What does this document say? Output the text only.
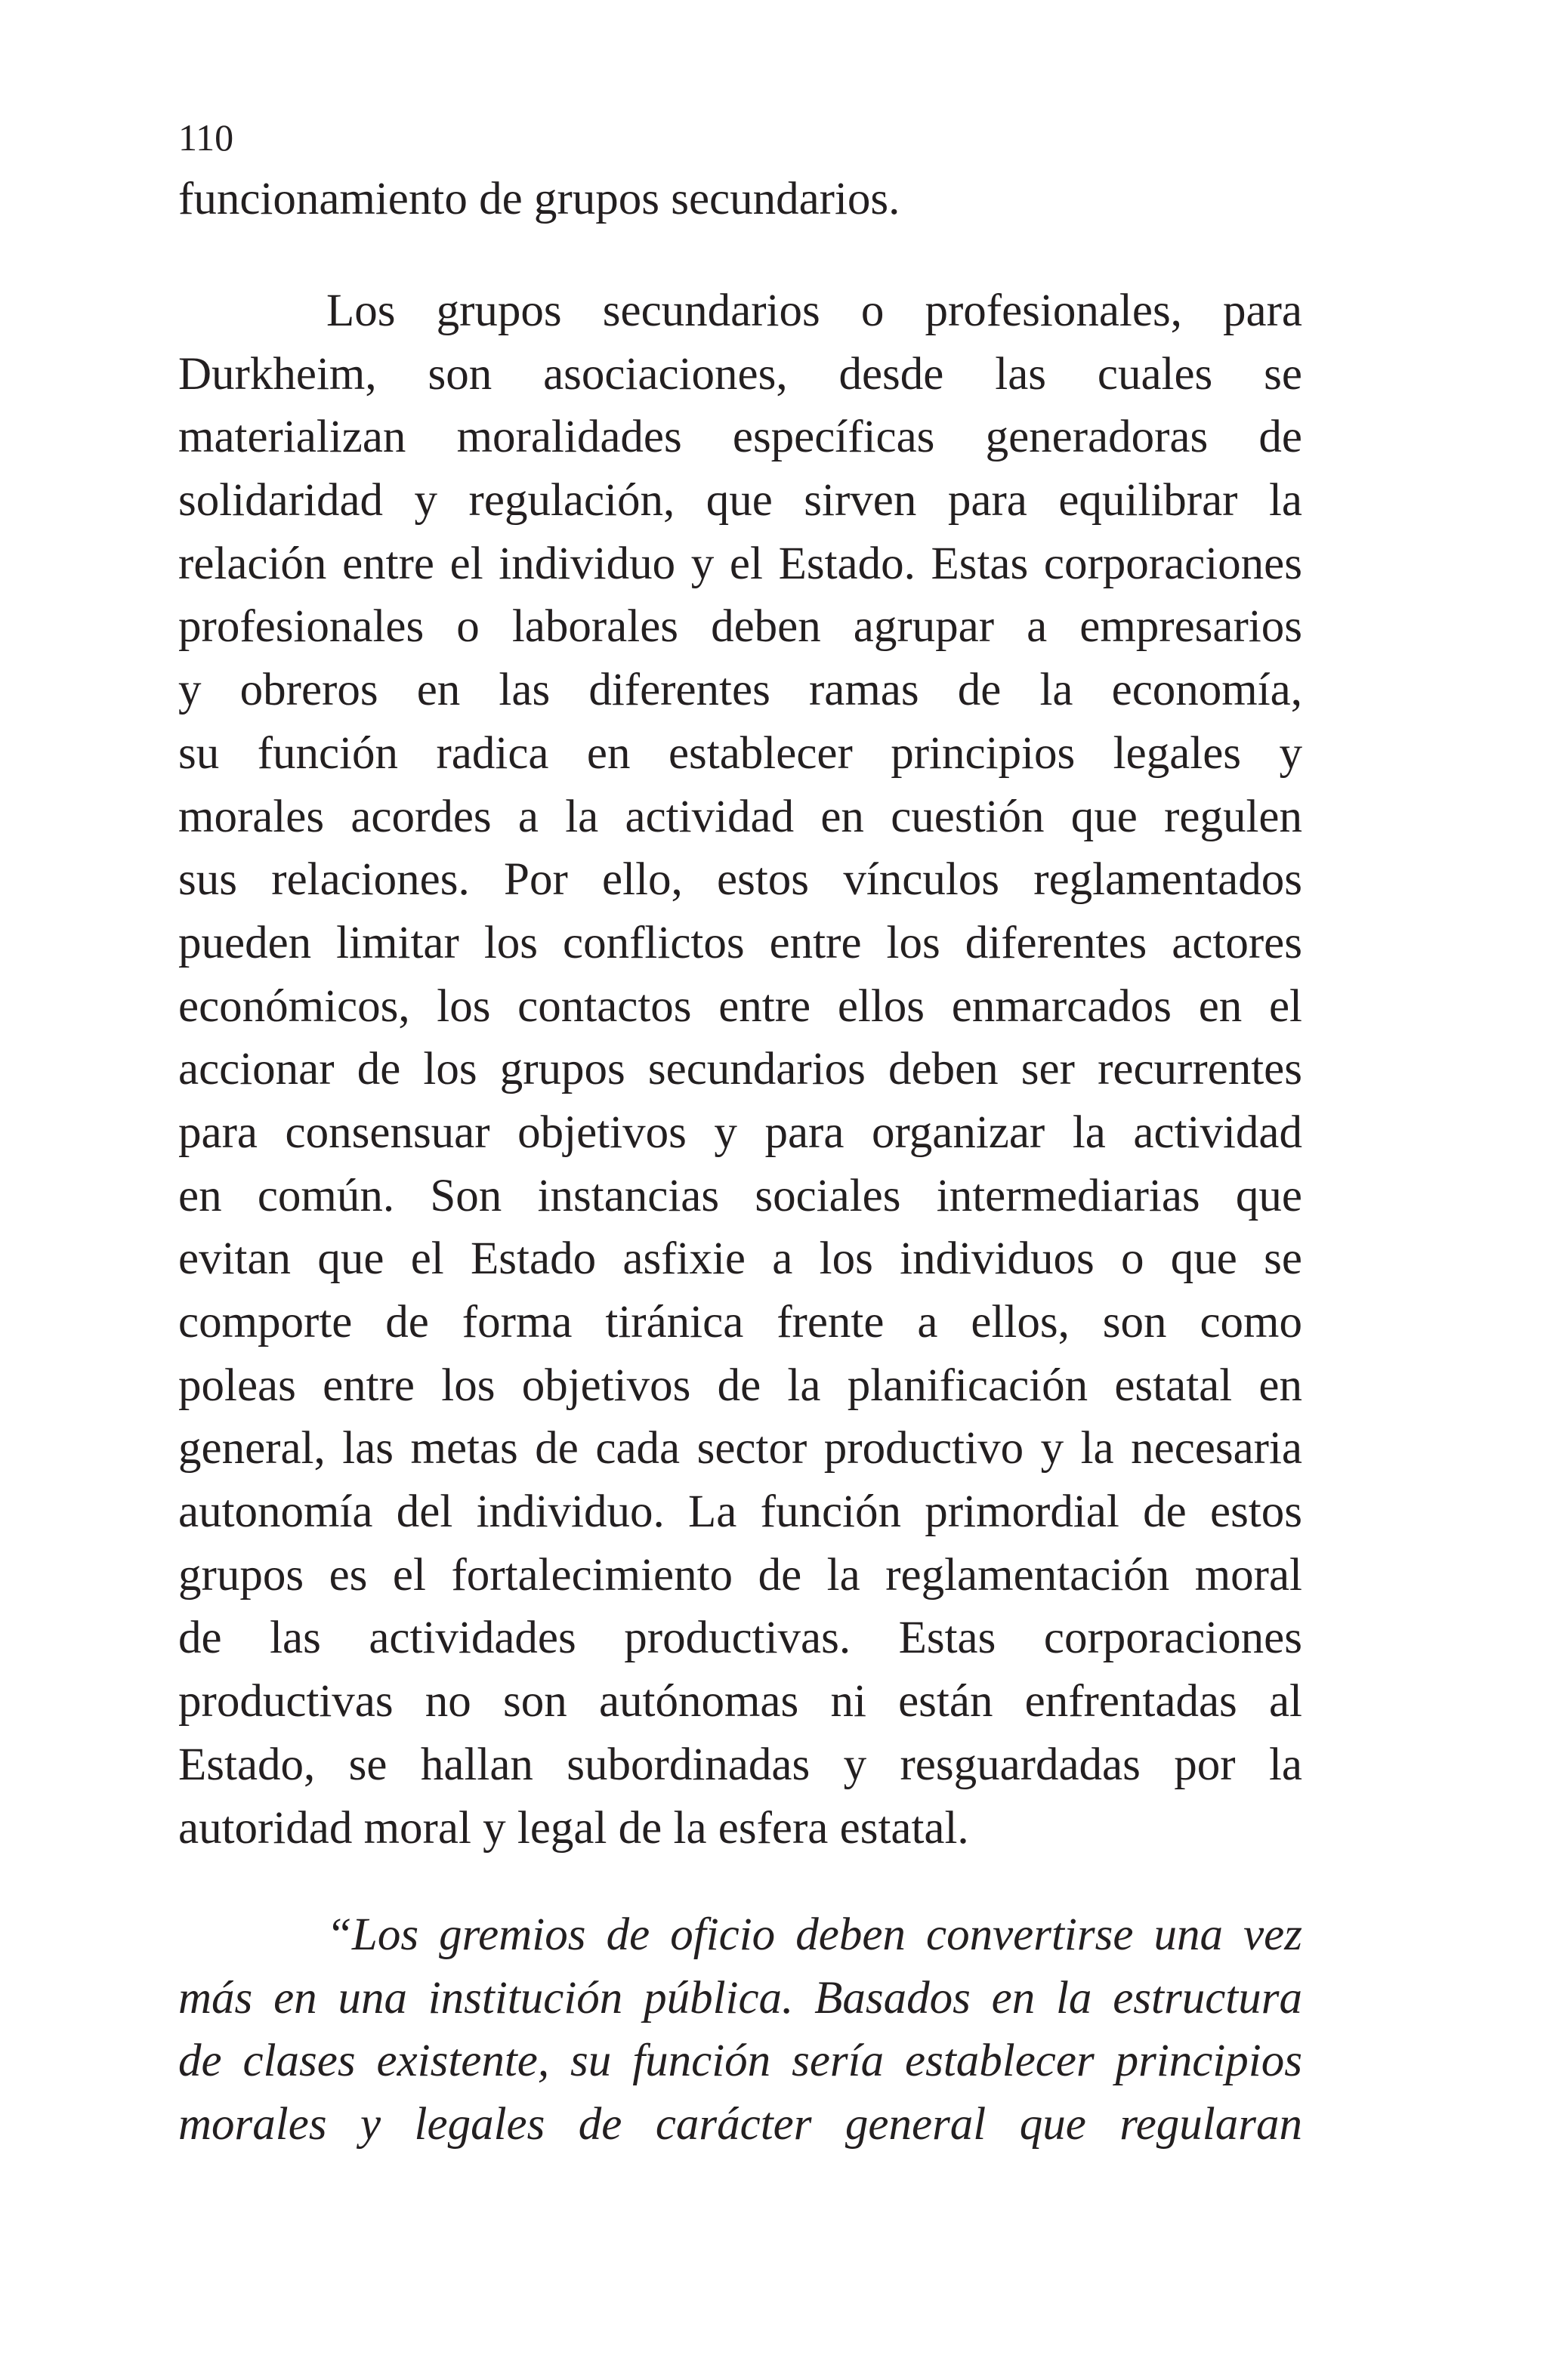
110

funcionamiento de grupos secundarios.
Los grupos secundarios o profesionales, para
Durkheim, son asociaciones, desde las cuales se
materializan moralidades específicas generadoras de
solidaridad y regulación, que sirven para equilibrar la
relación entre el individuo y el Estado. Estas corporaciones
profesionales o laborales deben agrupar a empresarios
y obreros en las diferentes ramas de la economía,
su función radica en establecer principios legales y
morales acordes a la actividad en cuestión que regulen
sus relaciones. Por ello, estos vínculos reglamentados
pueden limitar los conflictos entre los diferentes actores
económicos, los contactos entre ellos enmarcados en el
accionar de los grupos secundarios deben ser recurrentes
para consensuar objetivos y para organizar la actividad
en común. Son instancias sociales intermediarias que
evitan que el Estado asfixie a los individuos o que se
comporte de forma tiránica frente a ellos, son como
poleas entre los objetivos de la planificación estatal en
general, las metas de cada sector productivo y la necesaria
autonomía del individuo. La función primordial de estos
grupos es el fortalecimiento de la reglamentación moral
de las actividades productivas. Estas corporaciones
productivas no son autónomas ni están enfrentadas al
Estado, se hallan subordinadas y resguardadas por la
autoridad moral y legal de la esfera estatal.
“Los gremios de oficio deben convertirse una vez
más en una institución pública. Basados en la estructura
de clases existente, su función sería establecer principios
morales y legales de carácter general que regularan
